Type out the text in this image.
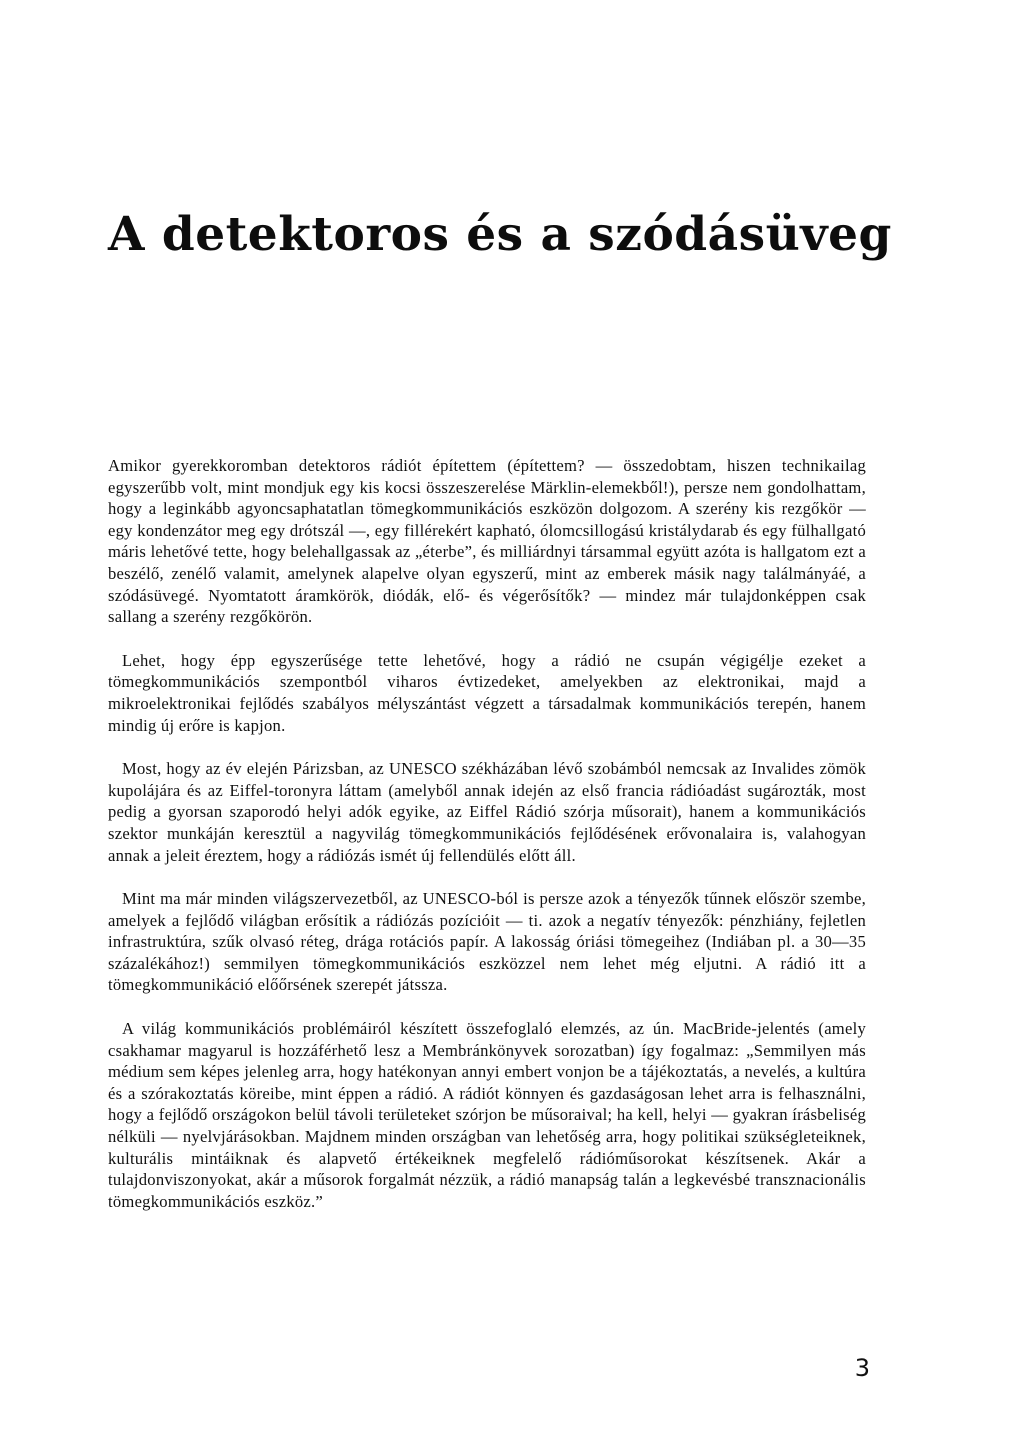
A detektoros és a szódásüveg

Amikor gyerekkoromban detektoros rádiót építettem (építettem? — összedobtam, hiszen technikailag egyszerűbb volt, mint mondjuk egy kis kocsi összeszerelése Märklin-elemekből!), persze nem gondolhattam, hogy a leginkább agyoncsaphatatlan tömegkommunikációs eszközön dolgozom. A szerény kis rezgőkör — egy kondenzátor meg egy drótszál —, egy fillérekért kapható, ólomcsillogású kristálydarab és egy fülhallgató máris lehetővé tette, hogy belehallgassak az „éterbe”, és milliárdnyi társammal együtt azóta is hallgatom ezt a beszélő, zenélő valamit, amelynek alapelve olyan egyszerű, mint az emberek másik nagy találmányáé, a szódásüvegé. Nyomtatott áramkörök, diódák, elő- és végerősítők? — mindez már tulajdonképpen csak sallang a szerény rezgőkörön.

Lehet, hogy épp egyszerűsége tette lehetővé, hogy a rádió ne csupán végigélje ezeket a tömegkommunikációs szempontból viharos évtizedeket, amelyekben az elektronikai, majd a mikroelektronikai fejlődés szabályos mélyszántást végzett a társadalmak kommunikációs terepén, hanem mindig új erőre is kapjon.

Most, hogy az év elején Párizsban, az UNESCO székházában lévő szobámból nemcsak az Invalides zömök kupolájára és az Eiffel-toronyra láttam (amelyből annak idején az első francia rádióadást sugározták, most pedig a gyorsan szaporodó helyi adók egyike, az Eiffel Rádió szórja műsorait), hanem a kommunikációs szektor munkáján keresztül a nagyvilág tömegkommunikációs fejlődésének erővonalaira is, valahogyan annak a jeleit éreztem, hogy a rádiózás ismét új fellendülés előtt áll.

Mint ma már minden világszervezetből, az UNESCO-ból is persze azok a tényezők tűnnek először szembe, amelyek a fejlődő világban erősítik a rádiózás pozícióit — ti. azok a negatív tényezők: pénzhiány, fejletlen infrastruktúra, szűk olvasó réteg, drága rotációs papír. A lakosság óriási tömegeihez (Indiában pl. a 30—35 százalékához!) semmilyen tömegkommunikációs eszközzel nem lehet még eljutni. A rádió itt a tömegkommunikáció előőrsének szerepét játssza.

A világ kommunikációs problémáiról készített összefoglaló elemzés, az ún. MacBride-jelentés (amely csakhamar magyarul is hozzáférhető lesz a Membránkönyvek sorozatban) így fogalmaz: „Semmilyen más médium sem képes jelenleg arra, hogy hatékonyan annyi embert vonjon be a tájékoztatás, a nevelés, a kultúra és a szórakoztatás köreibe, mint éppen a rádió. A rádiót könnyen és gazdaságosan lehet arra is felhasználni, hogy a fejlődő országokon belül távoli területeket szórjon be műsoraival; ha kell, helyi — gyakran írásbeliség nélküli — nyelvjárásokban. Majdnem minden országban van lehetőség arra, hogy politikai szükségleteiknek, kulturális mintáiknak és alapvető értékeiknek megfelelő rádióműsorokat készítsenek. Akár a tulajdonviszonyokat, akár a műsorok forgalmát nézzük, a rádió manapság talán a legkevésbé transznacionális tömegkommunikációs eszköz.”

3
